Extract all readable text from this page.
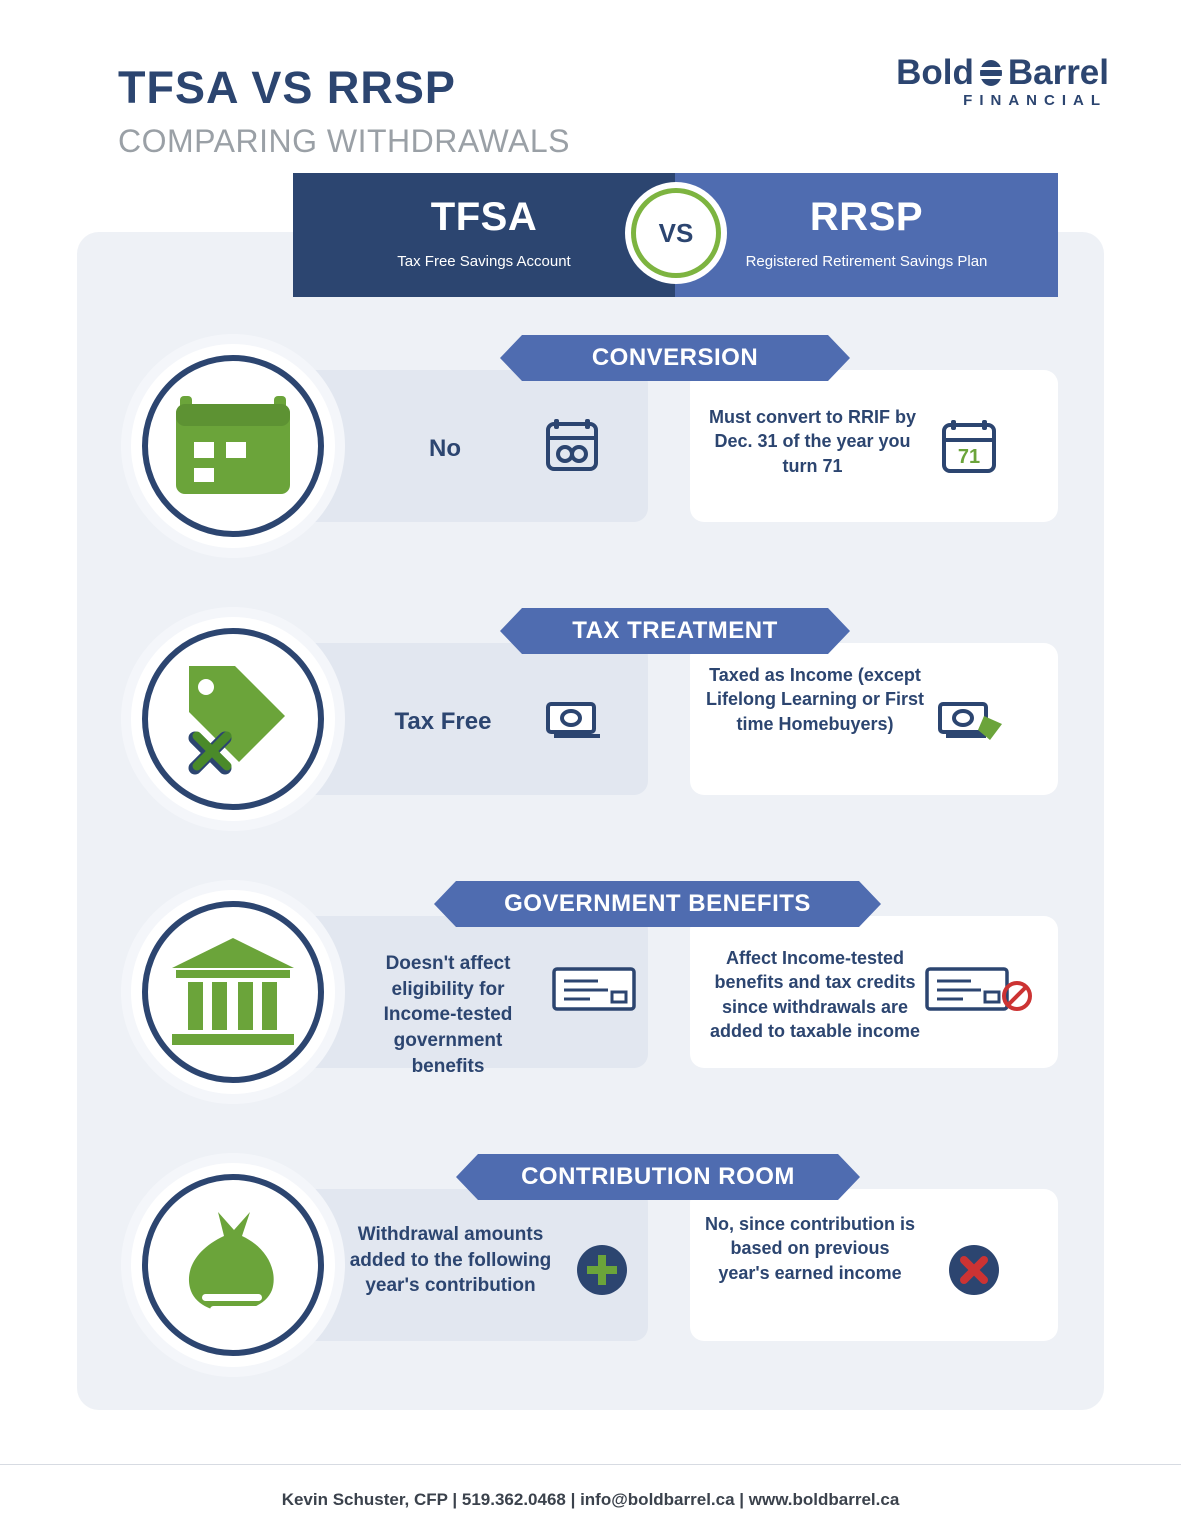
TFSA VS RRSP
COMPARING WITHDRAWALS
Bold Barrel
FINANCIAL
TFSA
Tax Free Savings Account
RRSP
Registered Retirement Savings Plan
VS
CONVERSION
No
Must convert to RRIF by Dec. 31 of the year you turn 71	71
TAX TREATMENT
Tax Free
Taxed as Income (except Lifelong Learning or First time Homebuyers)
GOVERNMENT BENEFITS
Doesn't affect eligibility for Income-tested government benefits
Affect Income-tested benefits and tax credits since withdrawals are added to taxable income
CONTRIBUTION ROOM
Withdrawal amounts added to the following year's contribution
No, since contribution is based on previous year's earned income
Kevin Schuster, CFP | 519.362.0468 | info@boldbarrel.ca | www.boldbarrel.ca
